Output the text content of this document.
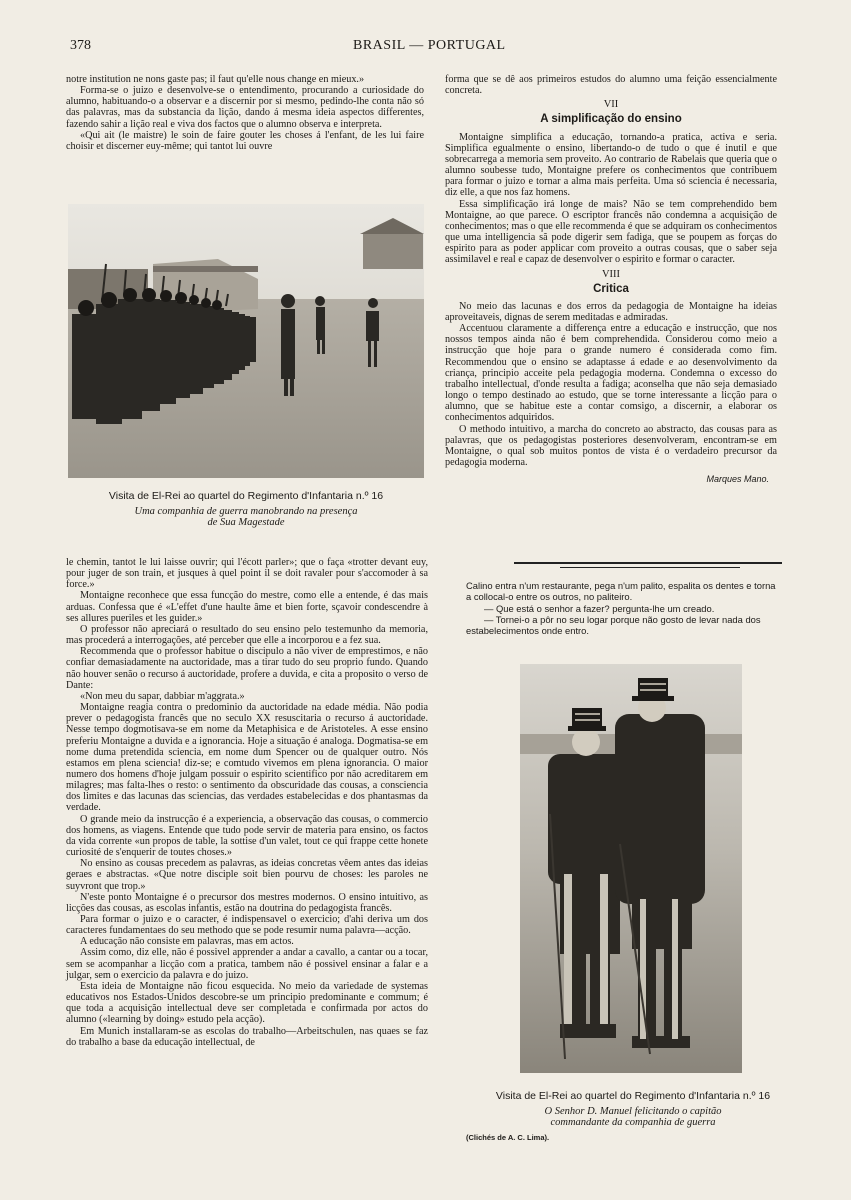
378	BRASIL — PORTUGAL

notre institution ne nons gaste pas; il faut qu'elle nous change en mieux.»

Forma-se o juizo e desenvolve-se o entendimento, procurando a curiosidade do alumno, habituando-o a observar e a discernir por si mesmo, pedindo-lhe conta não só das palavras, mas da substancia da lição, dando á mesma ideia aspectos differentes, fazendo sahir a lição real e viva dos factos que o alumno observa e interpreta.

«Qui ait (le maistre) le soin de faire gouter les choses á l'enfant, de les lui faire choisir et discerner euy-même; qui tantot lui ouvre

Visita de El-Rei ao quartel do Regimento d'Infantaria n.º 16
Uma companhia de guerra manobrando na presença
de Sua Magestade

le chemin, tantot le lui laisse ouvrir; qui l'écott parler»; que o faça «trotter devant euy, pour juger de son train, et jusques à quel point il se doit ravaler pour s'accomoder à sa force.»

Montaigne reconhece que essa funcção do mestre, como elle a entende, é das mais arduas. Confessa que é «L'effet d'une haulte âme et bien forte, sçavoir condescendre à ses allures pueriles et les guider.»

O professor não apreciará o resultado do seu ensino pelo testemunho da memoria, mas procederá a interrogações, até perceber que elle a incorporou e a fez sua.

Recommenda que o professor habitue o discipulo a não viver de emprestimos, e não confiar demasiadamente na auctoridade, mas a tirar tudo do seu proprio fundo. Quando não houver senão o recurso á auctoridade, profere a duvida, e cita a proposito o verso de Dante:

«Non meu du sapar, dabbiar m'aggrata.»

Montaigne reagia contra o predominio da auctoridade na edade média. Não podia prever o pedagogista francês que no seculo XX resuscitaria o recurso á auctoridade. Nesse tempo dogmotisava-se em nome da Metaphisica e de Aristoteles. A esse ensino preferiu Montaigne a duvida e a ignorancia. Hoje a situação é analoga. Dogmatisa-se em nome duma pretendida sciencia, em nome dum Spencer ou de qualquer outro. Nós estamos em plena sciencia! diz-se; e comtudo vivemos em plena ignorancia. O maior numero dos homens d'hoje julgam possuir o espirito scientifico por não acreditarem em milagres; mas falta-lhes o resto: o sentimento da obscuridade das cousas, a consciencia dos limites e das lacunas das sciencias, das verdades estabelecidas e dos phantasmas da verdade.

O grande meio da instrucção é a experiencia, a observação das cousas, o commercio dos homens, as viagens. Entende que tudo pode servir de materia para ensino, os factos da vida corrente «un propos de table, la sottise d'un valet, tout ce qui frappe cette honete curiosité de s'enquerir de toutes choses.»

No ensino as cousas precedem as palavras, as ideias concretas vêem antes das ideias geraes e abstractas. «Que notre disciple soit bien pourvu de choses: les paroles ne suyvront que trop.»

N'este ponto Montaigne é o precursor dos mestres modernos. O ensino intuitivo, as licções das cousas, as escolas infantis, estão na doutrina do pedagogista francês.

Para formar o juizo e o caracter, é indispensavel o exercicio; d'ahi deriva um dos caracteres fundamentaes do seu methodo que se pode resumir numa palavra—acção.

A educação não consiste em palavras, mas em actos.

Assim como, diz elle, não é possivel apprender a andar a cavallo, a cantar ou a tocar, sem se acompanhar a licção com a pratica, tambem não é possivel ensinar a falar e a julgar, sem o exercicio da palavra e do juizo.

Esta ideia de Montaigne não ficou esquecida. No meio da variedade de systemas educativos nos Estados-Unidos descobre-se um principio predominante e commum; é que toda a acquisição intellectual deve ser completada e confirmada por actos do alumno («learning by doing» estudo pela acção).

Em Munich installaram-se as escolas do trabalho—Arbeitschulen, nas quaes se faz do trabalho a base da educação intellectual, de

forma que se dê aos primeiros estudos do alumno uma feição essencialmente concreta.

VII
A simplificação do ensino

Montaigne simplifica a educação, tornando-a pratica, activa e seria. Simplifica egualmente o ensino, libertando-o de tudo o que é inutil e que sobrecarrega a memoria sem proveito. Ao contrario de Rabelais que queria que o alumno soubesse tudo, Montaigne prefere os conhecimentos que contribuem para formar o juizo e tornar a alma mais perfeita. Uma só sciencia é necessaria, diz elle, a que nos faz homens.

Essa simplificação irá longe de mais? Não se tem comprehendido bem Montaigne, ao que parece. O escriptor francês não condemna a acquisição de conhecimentos; mas o que elle recommenda é que se adquiram os conhecimentos que uma intelligencia sã pode digerir sem fadiga, que se poupem as forças do espirito para as poder applicar com proveito a outras cousas, que o saber seja assimilavel e real e capaz de desenvolver o espirito e formar o caracter.

VIII
Critica

No meio das lacunas e dos erros da pedagogia de Montaigne ha ideias aproveitaveis, dignas de serem meditadas e admiradas.

Accentuou claramente a differença entre a educação e instrucção, que nos nossos tempos ainda não é bem comprehendida. Considerou como meio a instrucção que hoje para o grande numero é considerada como fim. Recommendou que o ensino se adaptasse á edade e ao desenvolvimento da criança, principio acceite pela pedagogia moderna. Condemna o excesso do trabalho intellectual, d'onde resulta a fadiga; aconselha que não seja demasiado longo o tempo destinado ao estudo, que se torne interessante a licção para o alumno, que se habitue este a contar comsigo, a discernir, a elaborar os conhecimentos adquiridos.

O methodo intuitivo, a marcha do concreto ao abstracto, das cousas para as palavras, que os pedagogistas posteriores desenvolveram, encontram-se em Montaigne, o qual sob muitos pontos de vista é o verdadeiro precursor da pedagogia moderna.

Marques Mano.

Calino entra n'um restaurante, pega n'um palito, espalita os dentes e torna a collocal-o entre os outros, no paliteiro.

— Que está o senhor a fazer? pergunta-lhe um creado.

— Tornei-o a pôr no seu logar porque não gosto de levar nada dos estabelecimentos onde entro.

Visita de El-Rei ao quartel do Regimento d'Infantaria n.º 16
O Senhor D. Manuel felicitando o capitão
commandante da companhia de guerra
(Clichés de A. C. Lima).
